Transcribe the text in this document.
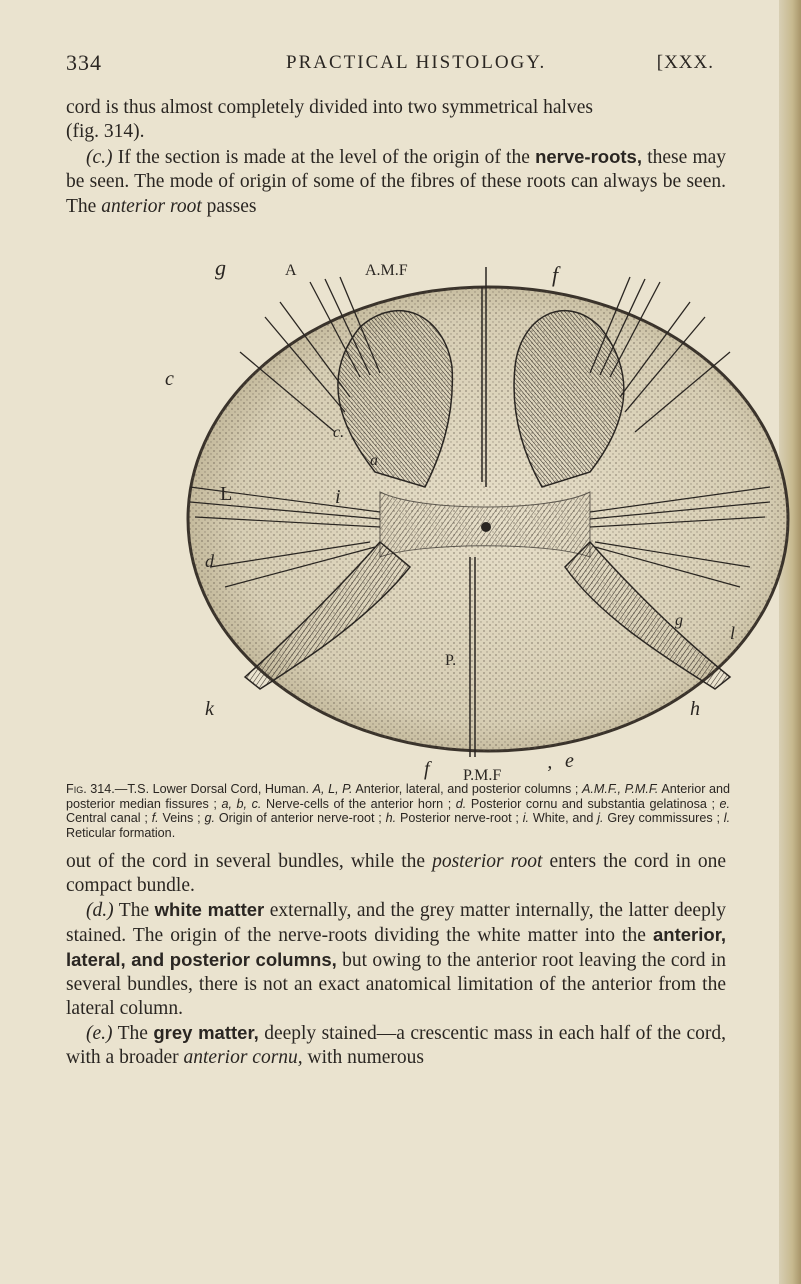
334	PRACTICAL HISTOLOGY.	[XXX.

cord is thus almost completely divided into two symmetrical halves

(fig. 314).

(c.) If the section is made at the level of the origin of the nerve-roots, these may be seen. The mode of origin of some of the fibres of these roots can always be seen. The anterior root passes

g	A	A.M.F	f
c
c.
L	i
a
d
g
l
P.
k	h
f P.M.F ’
e

Fig. 314.—T.S. Lower Dorsal Cord, Human. A, L, P. Anterior, lateral, and posterior columns ; A.M.F., P.M.F. Anterior and posterior median fissures ; a, b, c. Nerve-cells of the anterior horn ; d. Posterior cornu and substantia gelatinosa ; e. Central canal ; f. Veins ; g. Origin of anterior nerve-root ; h. Posterior nerve-root ; i. White, and j. Grey commissures ; l. Reticular formation.

out of the cord in several bundles, while the posterior root enters the cord in one compact bundle.

(d.) The white matter externally, and the grey matter internally, the latter deeply stained. The origin of the nerve-roots dividing the white matter into the anterior, lateral, and posterior columns, but owing to the anterior root leaving the cord in several bundles, there is not an exact anatomical limitation of the anterior from the lateral column.

(e.) The grey matter, deeply stained—a crescentic mass in each half of the cord, with a broader anterior cornu, with numerous
